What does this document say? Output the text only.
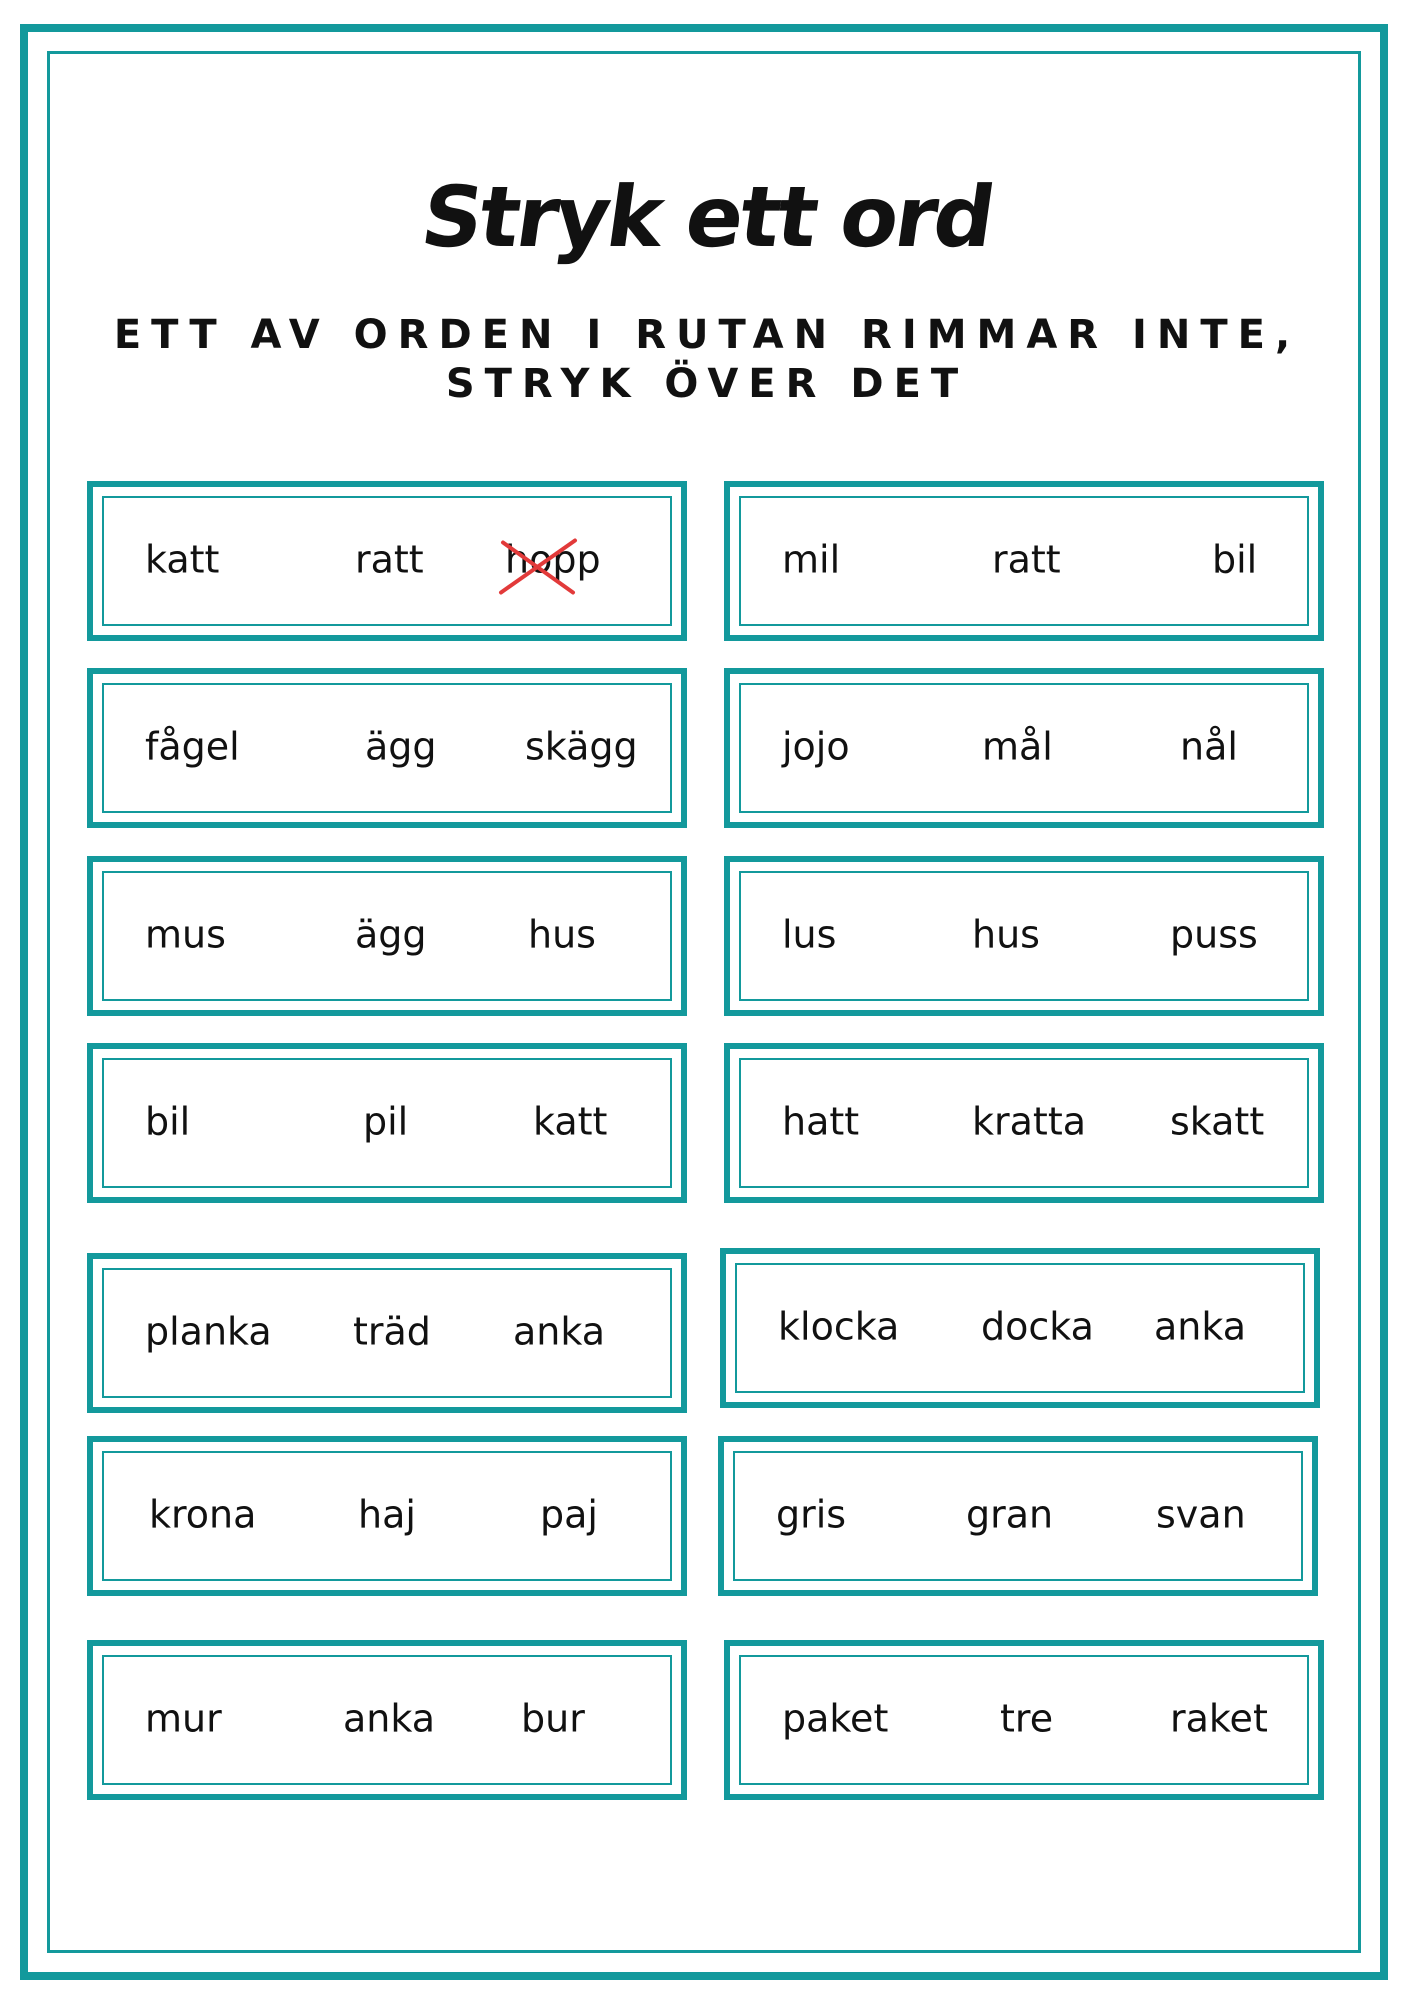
Stryk ett ord
ETT AV ORDEN I RUTAN RIMMAR INTE,
STRYK ÖVER DET
katt	ratt hopp	mil	ratt	bil
fågel	ägg skägg	jojo	mål	nål
mus	ägg	hus	lus	hus	puss
bil	pil	katt	hatt	kratta skatt
planka träd anka	klocka docka anka
krona	haj	paj	gris	gran	svan
mur	anka bur	paket	tre	raket
